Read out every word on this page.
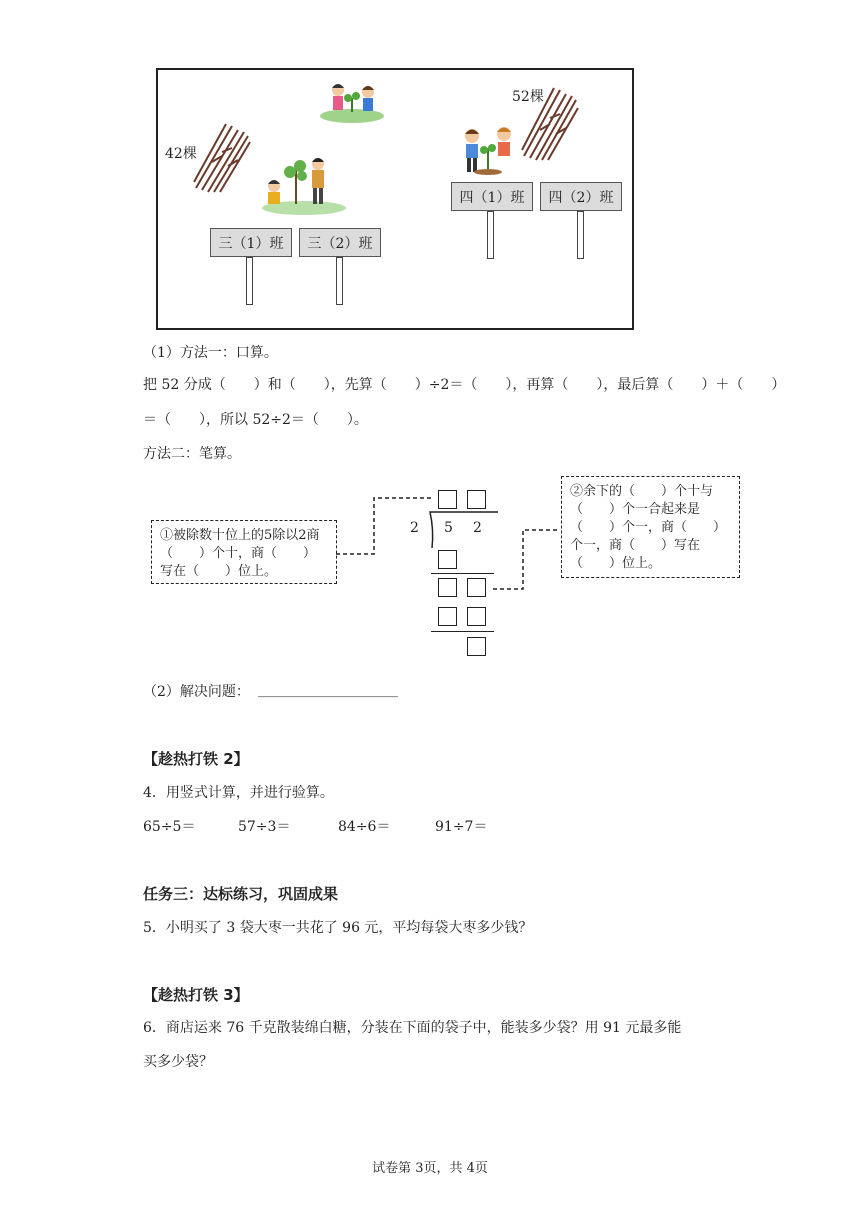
42棵
52棵
三（1）班	三（2）班
四（1）班	四（2）班
（1）方法一：口算。
把 52 分成（　　）和（　　），先算（　　）÷2＝（　　），再算（　　），最后算（　　）＋（　　）
＝（　　），所以 52÷2＝（　　）。
方法二：笔算。
①被除数十位上的5除以2商（　　）个十，商（　　）写在（　　）位上。
②余下的（　　）个十与（　　）个一合起来是（　　）个一，商（　　）个一，商（　　）写在（　　）位上。
2 5 2
（2）解决问题： ____________________
【趁热打铁 2】
4．用竖式计算，并进行验算。
65÷5＝	57÷3＝	84÷6＝	91÷7＝
任务三：达标练习，巩固成果
5．小明买了 3 袋大枣一共花了 96 元，平均每袋大枣多少钱？
【趁热打铁 3】
6．商店运来 76 千克散装绵白糖，分装在下面的袋子中，能装多少袋？用 91 元最多能
买多少袋？
试卷第 3页，共 4页
